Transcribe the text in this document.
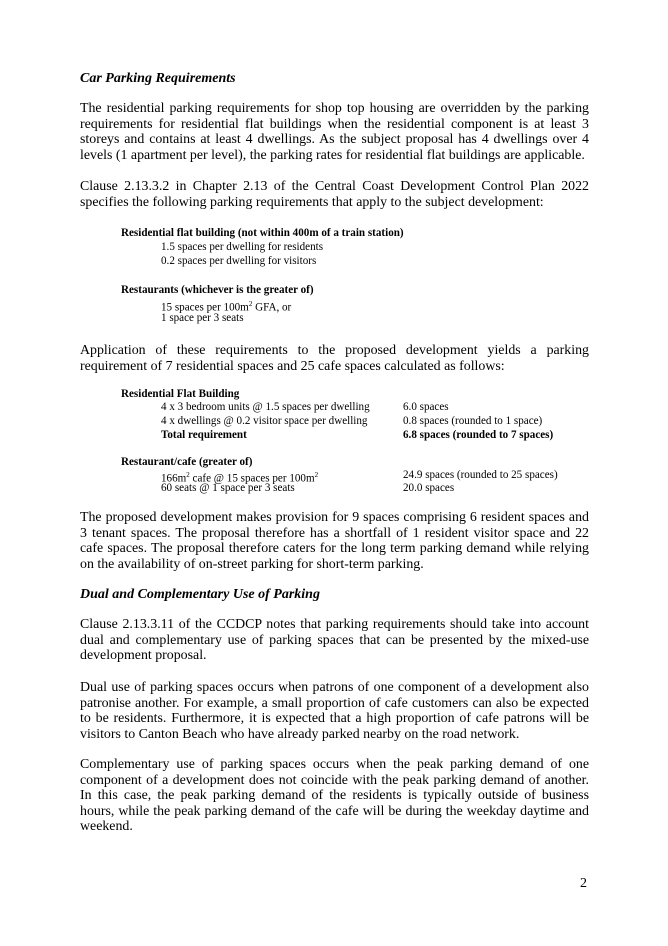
Car Parking Requirements

The residential parking requirements for shop top housing are overridden by the parking requirements for residential flat buildings when the residential component is at least 3 storeys and contains at least 4 dwellings. As the subject proposal has 4 dwellings over 4 levels (1 apartment per level), the parking rates for residential flat buildings are applicable.

Clause 2.13.3.2 in Chapter 2.13 of the Central Coast Development Control Plan 2022 specifies the following parking requirements that apply to the subject development:

Residential flat building (not within 400m of a train station)
1.5 spaces per dwelling for residents
0.2 spaces per dwelling for visitors
Restaurants (whichever is the greater of)
15 spaces per $100m^2$ GFA, or
1 space per 3 seats

Application of these requirements to the proposed development yields a parking requirement of 7 residential spaces and 25 cafe spaces calculated as follows:

Residential Flat Building
4 x 3 bedroom units @ 1.5 spaces per dwelling	6.0 spaces
4 x dwellings @ 0.2 visitor space per dwelling	0.8 spaces (rounded to 1 space)
Total requirement	6.8 spaces (rounded to 7 spaces)
Restaurant/cafe (greater of)
$166m^2$ cafe @ 15 spaces per $100m^2$	24.9 spaces (rounded to 25 spaces)
60 seats @ 1 space per 3 seats	20.0 spaces

The proposed development makes provision for 9 spaces comprising 6 resident spaces and 3 tenant spaces. The proposal therefore has a shortfall of 1 resident visitor space and 22 cafe spaces. The proposal therefore caters for the long term parking demand while relying on the availability of on-street parking for short-term parking.

Dual and Complementary Use of Parking

Clause 2.13.3.11 of the CCDCP notes that parking requirements should take into account dual and complementary use of parking spaces that can be presented by the mixed-use development proposal.

Dual use of parking spaces occurs when patrons of one component of a development also patronise another. For example, a small proportion of cafe customers can also be expected to be residents. Furthermore, it is expected that a high proportion of cafe patrons will be visitors to Canton Beach who have already parked nearby on the road network.

Complementary use of parking spaces occurs when the peak parking demand of one component of a development does not coincide with the peak parking demand of another. In this case, the peak parking demand of the residents is typically outside of business hours, while the peak parking demand of the cafe will be during the weekday daytime and weekend.

2
